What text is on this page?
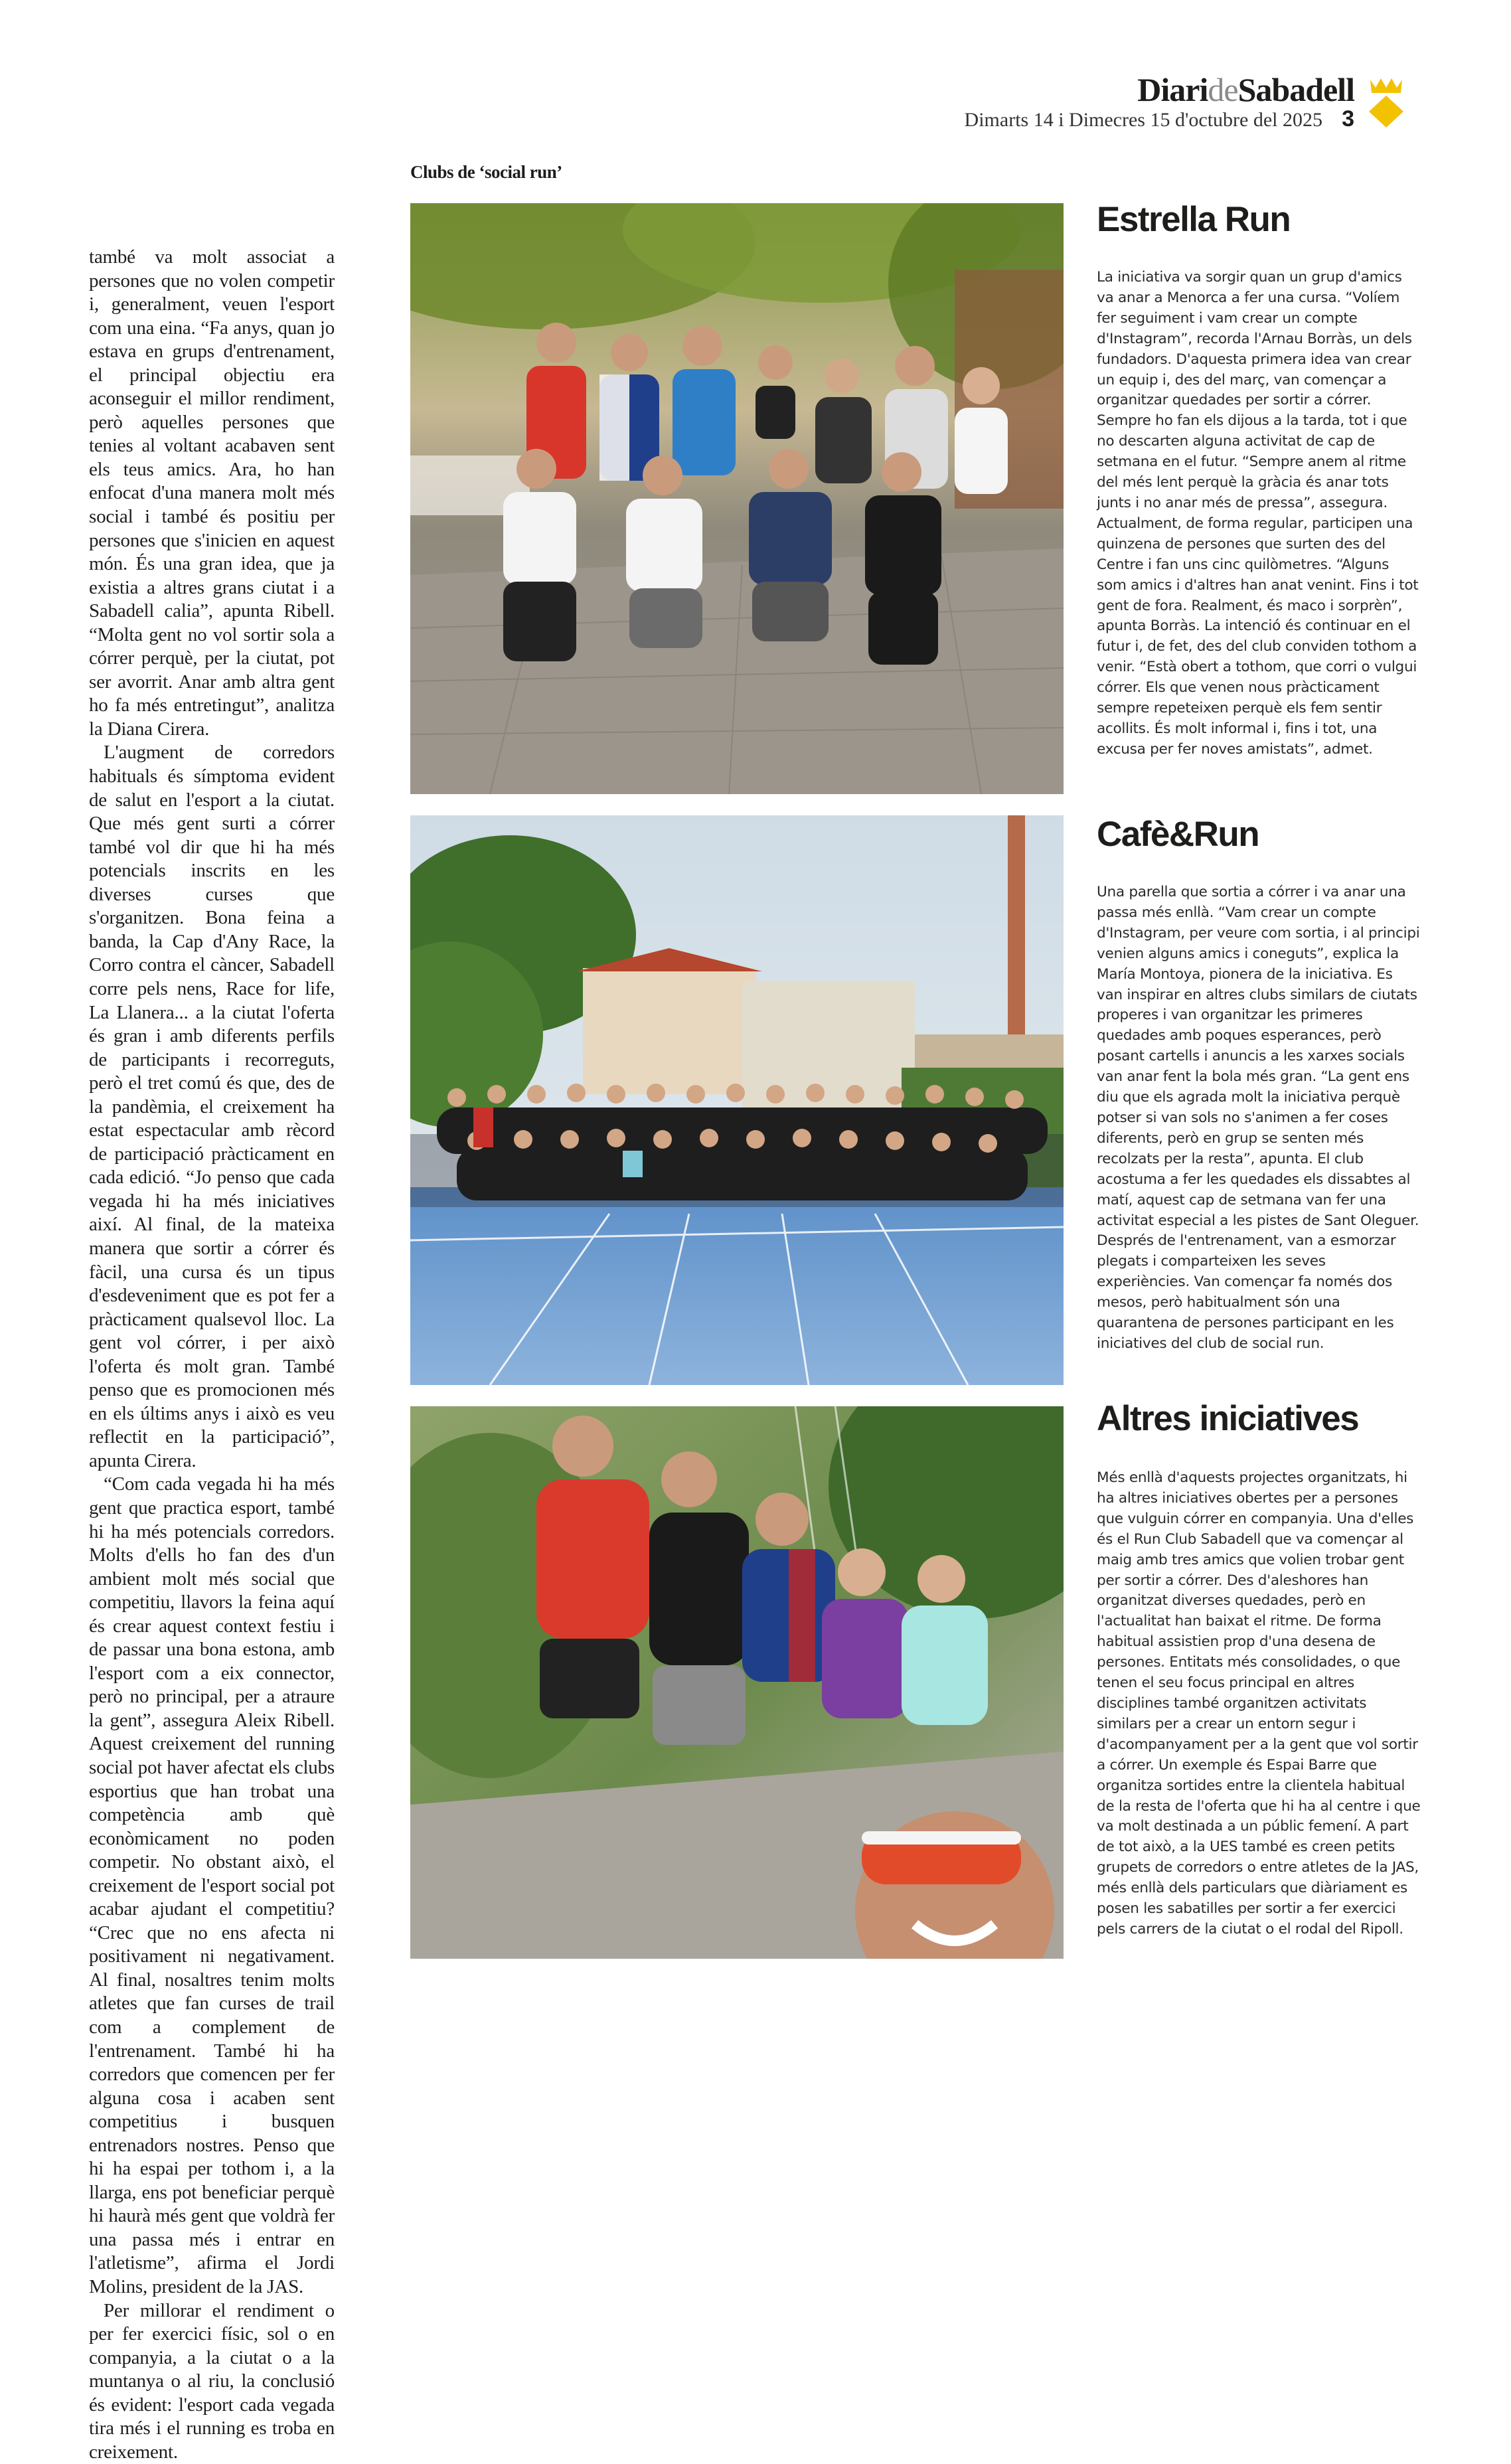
DiarideSabadell
Dimarts 14 i Dimecres 15 d'octubre del 2025 3
Clubs de ‘social run’

també va molt associat a persones que no volen competir i, generalment, veuen l'esport com una eina. “Fa anys, quan jo estava en grups d'entrenament, el principal objectiu era aconseguir el millor rendiment, però aquelles persones que tenies al voltant acabaven sent els teus amics. Ara, ho han enfocat d'una manera molt més social i també és positiu per persones que s'inicien en aquest món. És una gran idea, que ja existia a altres grans ciutat i a Sabadell calia”, apunta Ribell. “Molta gent no vol sortir sola a córrer perquè, per la ciutat, pot ser avorrit. Anar amb altra gent ho fa més entretingut”, analitza la Diana Cirera.

L'augment de corredors habituals és símptoma evident de salut en l'esport a la ciutat. Que més gent surti a córrer també vol dir que hi ha més potencials inscrits en les diverses curses que s'organitzen. Bona feina a banda, la Cap d'Any Race, la Corro contra el càncer, Sabadell corre pels nens, Race for life, La Llanera... a la ciutat l'oferta és gran i amb diferents perfils de participants i recorreguts, però el tret comú és que, des de la pandèmia, el creixement ha estat espectacular amb rècord de participació pràcticament en cada edició. “Jo penso que cada vegada hi ha més iniciatives així. Al final, de la mateixa manera que sortir a córrer és fàcil, una cursa és un tipus d'esdeveniment que es pot fer a pràcticament qualsevol lloc. La gent vol córrer, i per això l'oferta és molt gran. També penso que es promocionen més en els últims anys i això es veu reflectit en la participació”, apunta Cirera.

“Com cada vegada hi ha més gent que practica esport, també hi ha més potencials corredors. Molts d'ells ho fan des d'un ambient molt més social que competitiu, llavors la feina aquí és crear aquest context festiu i de passar una bona estona, amb l'esport com a eix connector, però no principal, per a atraure la gent”, assegura Aleix Ribell. Aquest creixement del running social pot haver afectat els clubs esportius que han trobat una competència amb què econòmicament no poden competir. No obstant això, el creixement de l'esport social pot acabar ajudant el competitiu? “Crec que no ens afecta ni positivament ni negativament. Al final, nosaltres tenim molts atletes que fan curses de trail com a complement de l'entrenament. També hi ha corredors que comencen per fer alguna cosa i acaben sent competitius i busquen entrenadors nostres. Penso que hi ha espai per tothom i, a la llarga, ens pot beneficiar perquè hi haurà més gent que voldrà fer una passa més i entrar en l'atletisme”, afirma el Jordi Molins, president de la JAS.

Per millorar el rendiment o per fer exercici físic, sol o en companyia, a la ciutat o a la muntanya o al riu, la conclusió és evident: l'esport cada vegada tira més i el running es troba en creixement.

Estrella Run

La iniciativa va sorgir quan un grup d'amics va anar a Menorca a fer una cursa. “Volíem fer seguiment i vam crear un compte d'Instagram”, recorda l'Arnau Borràs, un dels fundadors. D'aquesta primera idea van crear un equip i, des del març, van començar a organitzar quedades per sortir a córrer. Sempre ho fan els dijous a la tarda, tot i que no descarten alguna activitat de cap de setmana en el futur. “Sempre anem al ritme del més lent perquè la gràcia és anar tots junts i no anar més de pressa”, assegura. Actualment, de forma regular, participen una quinzena de persones que surten des del Centre i fan uns cinc quilòmetres. “Alguns som amics i d'altres han anat venint. Fins i tot gent de fora. Realment, és maco i sorprèn”, apunta Borràs. La intenció és continuar en el futur i, de fet, des del club conviden tothom a venir. “Està obert a tothom, que corri o vulgui córrer. Els que venen nous pràcticament sempre repeteixen perquè els fem sentir acollits. És molt informal i, fins i tot, una excusa per fer noves amistats”, admet.

Cafè&Run

Una parella que sortia a córrer i va anar una passa més enllà. “Vam crear un compte d'Instagram, per veure com sortia, i al principi venien alguns amics i coneguts”, explica la María Montoya, pionera de la iniciativa. Es van inspirar en altres clubs similars de ciutats properes i van organitzar les primeres quedades amb poques esperances, però posant cartells i anuncis a les xarxes socials van anar fent la bola més gran. “La gent ens diu que els agrada molt la iniciativa perquè potser si van sols no s'animen a fer coses diferents, però en grup se senten més recolzats per la resta”, apunta. El club acostuma a fer les quedades els dissabtes al matí, aquest cap de setmana van fer una activitat especial a les pistes de Sant Oleguer. Després de l'entrenament, van a esmorzar plegats i comparteixen les seves experiències. Van començar fa només dos mesos, però habitualment són una quarantena de persones participant en les iniciatives del club de social run.

Altres iniciatives

Més enllà d'aquests projectes organitzats, hi ha altres iniciatives obertes per a persones que vulguin córrer en companyia. Una d'elles és el Run Club Sabadell que va començar al maig amb tres amics que volien trobar gent per sortir a córrer. Des d'aleshores han organitzat diverses quedades, però en l'actualitat han baixat el ritme. De forma habitual assistien prop d'una desena de persones. Entitats més consolidades, o que tenen el seu focus principal en altres disciplines també organitzen activitats similars per a crear un entorn segur i d'acompanyament per a la gent que vol sortir a córrer. Un exemple és Espai Barre que organitza sortides entre la clientela habitual de la resta de l'oferta que hi ha al centre i que va molt destinada a un públic femení. A part de tot això, a la UES també es creen petits grupets de corredors o entre atletes de la JAS, més enllà dels particulars que diàriament es posen les sabatilles per sortir a fer exercici pels carrers de la ciutat o el rodal del Ripoll.
